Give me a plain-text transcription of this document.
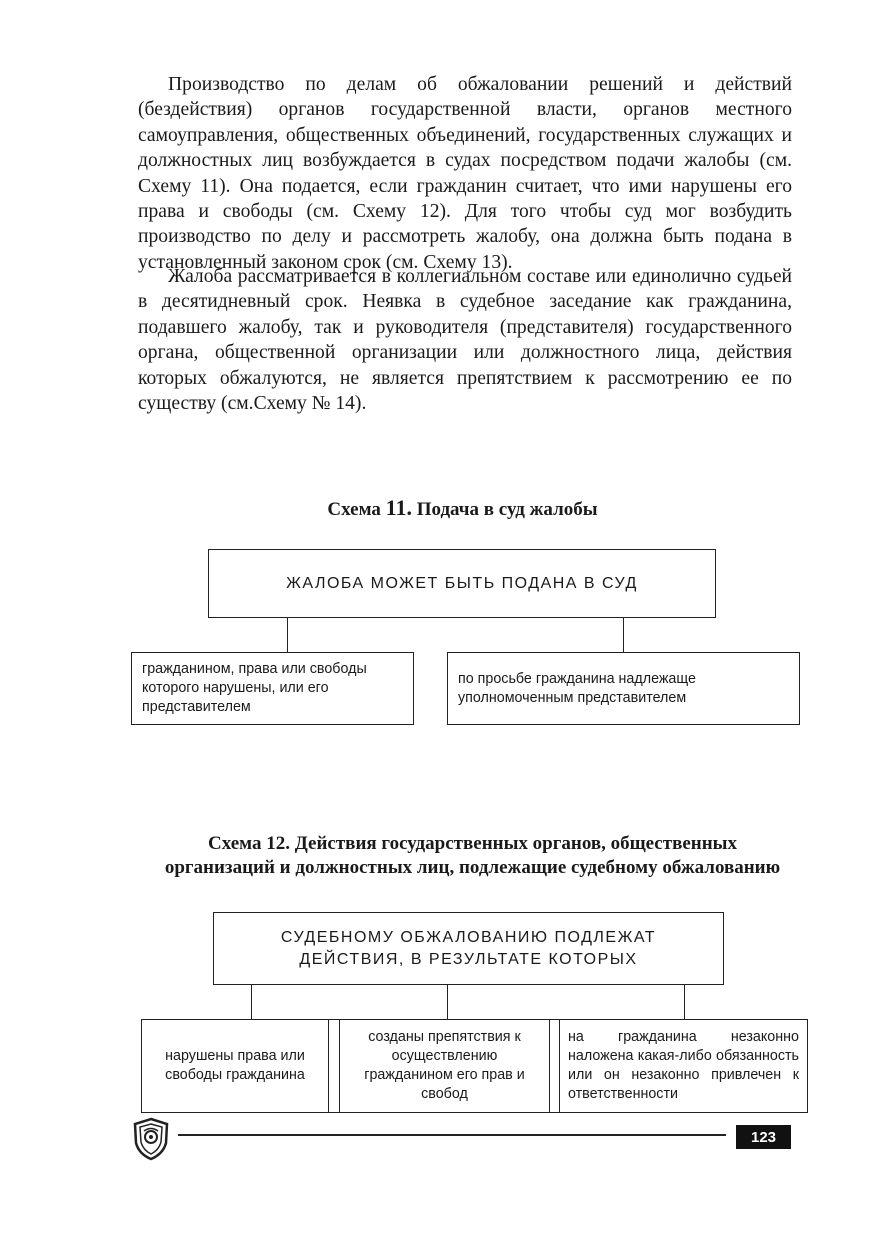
Производство по делам об обжаловании решений и действий (бездействия) органов государственной власти, органов местного самоуправления, общественных объединений, государственных служащих и должностных лиц возбуждается в судах посредством подачи жалобы (см. Схему 11). Она подается, если гражданин считает, что ими нарушены его права и свободы (см. Схему 12). Для того чтобы суд мог возбудить производство по делу и рассмотреть жалобу, она должна быть подана в установленный законом срок (см. Схему 13).

Жалоба рассматривается в коллегиальном составе или единолично судьей в десятидневный срок. Неявка в судебное заседание как гражданина, подавшего жалобу, так и руководителя (представителя) государственного органа, общественной организации или должностного лица, действия которых обжалуются, не является препятствием к рассмотрению ее по существу (см.Схему № 14).

Схема 11. Подача в суд жалобы
ЖАЛОБА МОЖЕТ БЫТЬ ПОДАНА В СУД
гражданином, права или свободы которого нарушены, или его представителем
по просьбе гражданина надлежаще уполномоченным представителем
Схема 12. Действия государственных органов, общественных организаций и должностных лиц, подлежащие судебному обжалованию
СУДЕБНОМУ ОБЖАЛОВАНИЮ ПОДЛЕЖАТ ДЕЙСТВИЯ, В РЕЗУЛЬТАТЕ КОТОРЫХ
нарушены права или свободы гражданина
созданы препятствия к осуществлению гражданином его прав и свобод
на гражданина незаконно наложена какая-либо обязанность или он незаконно привлечен к ответственности
123
